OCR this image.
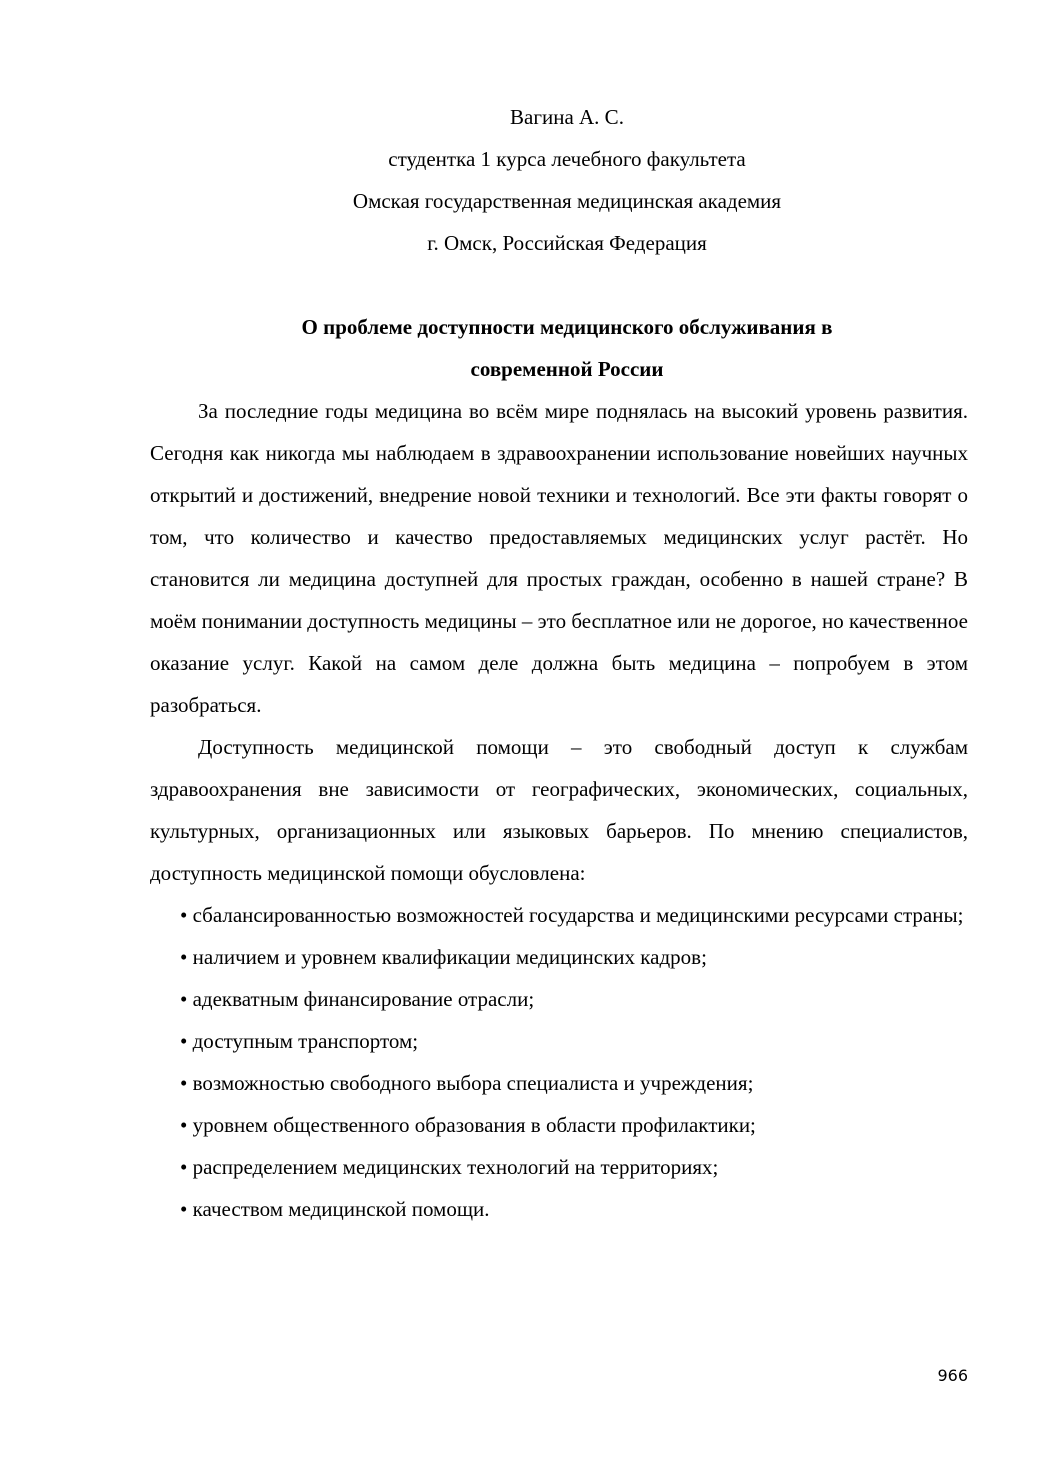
Вагина А. С.
студентка 1 курса лечебного факультета
Омская государственная медицинская академия
г. Омск, Российская Федерация
О проблеме доступности медицинского обслуживания в
современной России

За последние годы медицина во всём мире поднялась на высокий уровень развития. Сегодня как никогда мы наблюдаем в здравоохранении использование новейших научных открытий и достижений, внедрение новой техники и технологий. Все эти факты говорят о том, что количество и качество предоставляемых медицинских услуг растёт. Но становится ли медицина доступней для простых граждан, особенно в нашей стране? В моём понимании доступность медицины – это бесплатное или не дорогое, но качественное оказание услуг. Какой на самом деле должна быть медицина – попробуем в этом разобраться.

Доступность медицинской помощи – это свободный доступ к службам здравоохранения вне зависимости от географических, экономических, социальных, культурных, организационных или языковых барьеров. По мнению специалистов, доступность медицинской помощи обусловлена:

• сбалансированностью возможностей государства и медицинскими ресурсами страны;
• наличием и уровнем квалификации медицинских кадров;
• адекватным финансирование отрасли;
• доступным транспортом;
• возможностью свободного выбора специалиста и учреждения;
• уровнем общественного образования в области профилактики;
• распределением медицинских технологий на территориях;
• качеством медицинской помощи.
966
